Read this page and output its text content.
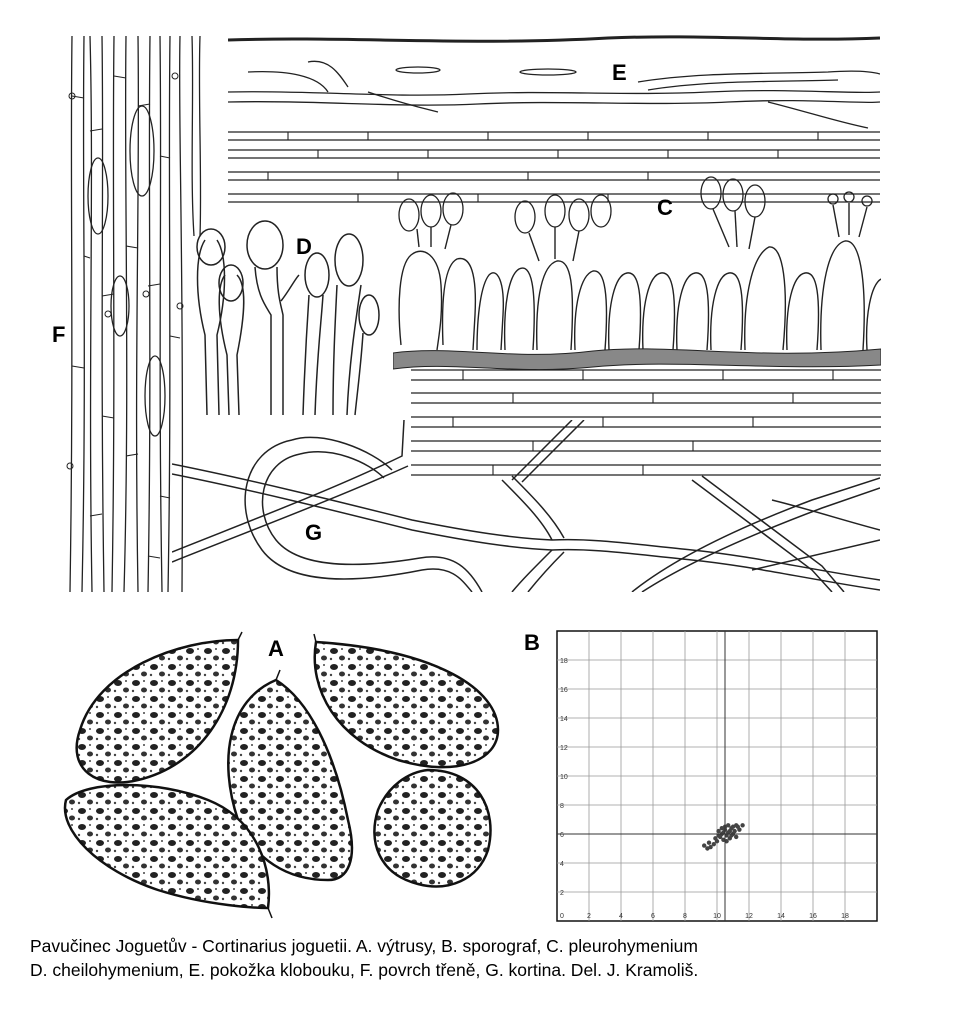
F
E
D
C
G
A	B
0	2	4	6	8	10	12	14	16	18
2
4
6
8
10
12
14
16
18
Pavučinec Joguetův - Cortinarius joguetii. A. výtrusy, B. sporograf, C. pleurohymenium
D. cheilohymenium, E. pokožka klobouku, F. povrch třeně, G. kortina. Del. J. Kramoliš.
